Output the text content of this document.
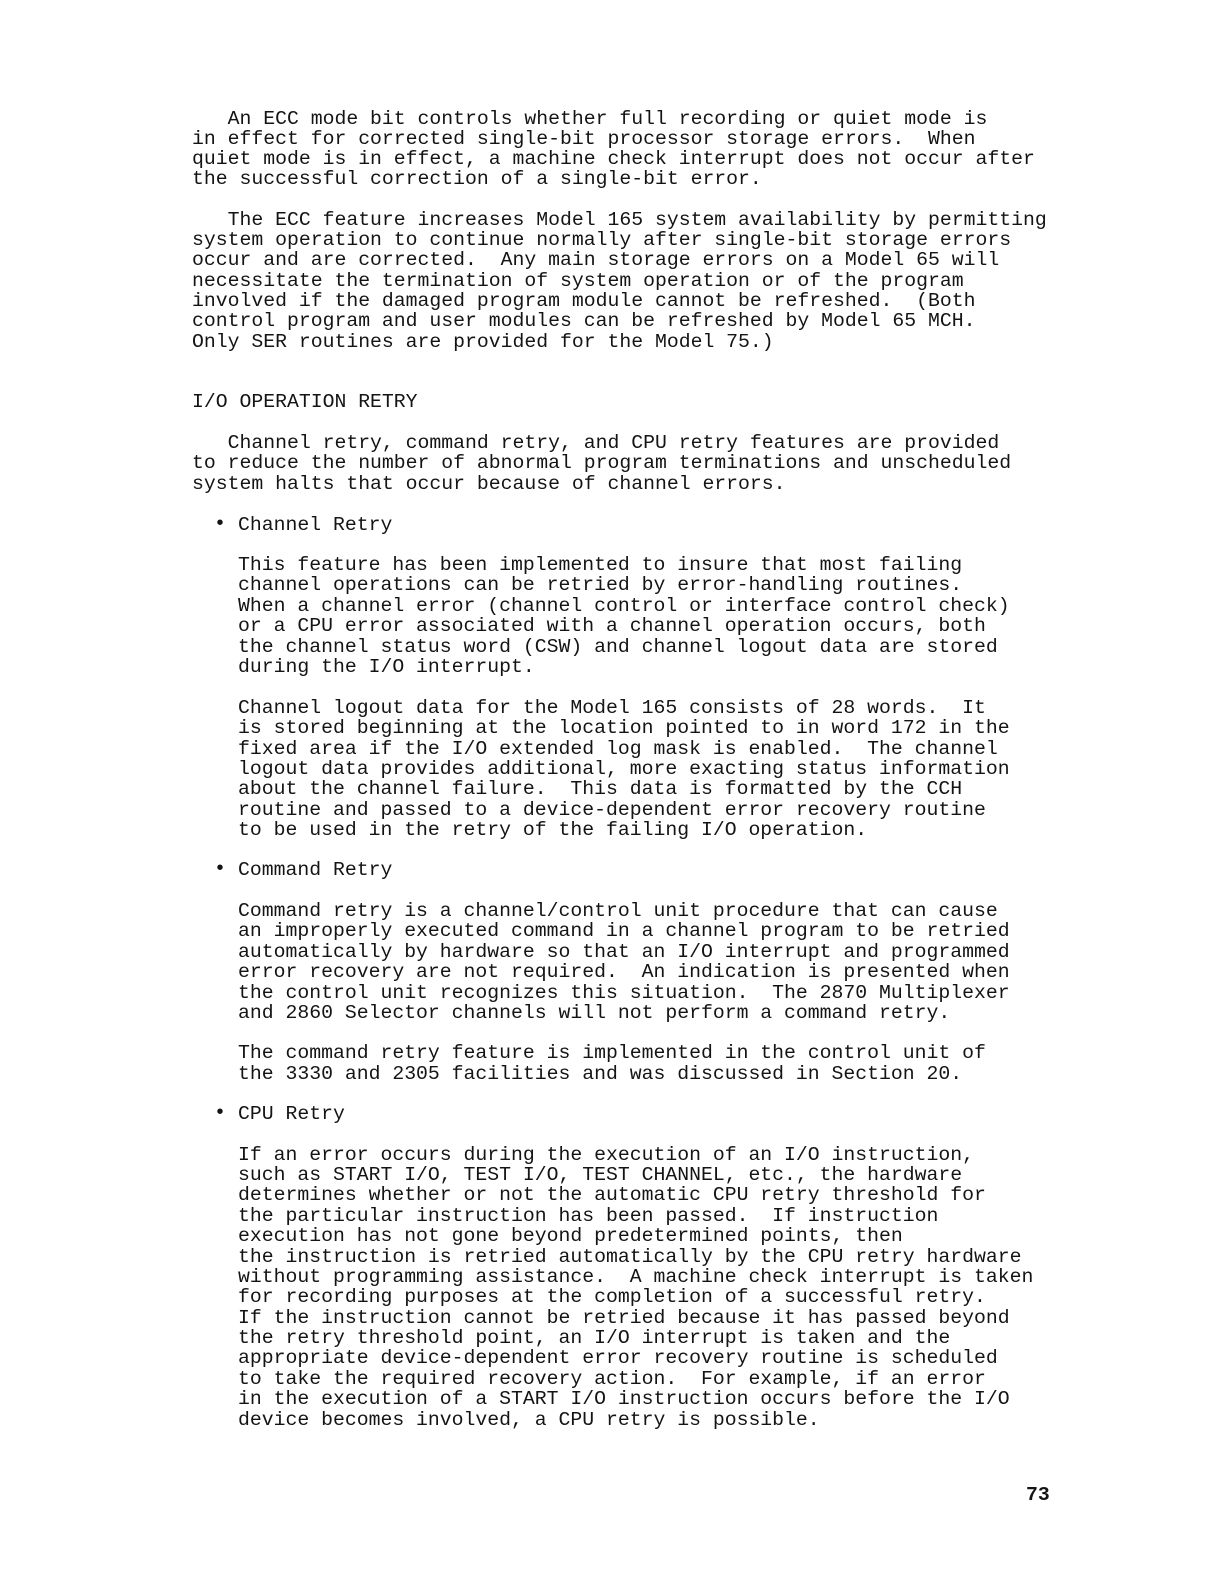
An ECC mode bit controls whether full recording or quiet mode is
in effect for corrected single-bit processor storage errors.  When
quiet mode is in effect, a machine check interrupt does not occur after
the successful correction of a single-bit error.
The ECC feature increases Model 165 system availability by permitting
system operation to continue normally after single-bit storage errors
occur and are corrected.  Any main storage errors on a Model 65 will
necessitate the termination of system operation or of the program
involved if the damaged program module cannot be refreshed.  (Both
control program and user modules can be refreshed by Model 65 MCH.
Only SER routines are provided for the Model 75.)
I/O OPERATION RETRY
Channel retry, command retry, and CPU retry features are provided
to reduce the number of abnormal program terminations and unscheduled
system halts that occur because of channel errors.
• Channel Retry
This feature has been implemented to insure that most failing
channel operations can be retried by error-handling routines.
When a channel error (channel control or interface control check)
or a CPU error associated with a channel operation occurs, both
the channel status word (CSW) and channel logout data are stored
during the I/O interrupt.
Channel logout data for the Model 165 consists of 28 words.  It
is stored beginning at the location pointed to in word 172 in the
fixed area if the I/O extended log mask is enabled.  The channel
logout data provides additional, more exacting status information
about the channel failure.  This data is formatted by the CCH
routine and passed to a device-dependent error recovery routine
to be used in the retry of the failing I/O operation.
• Command Retry
Command retry is a channel/control unit procedure that can cause
an improperly executed command in a channel program to be retried
automatically by hardware so that an I/O interrupt and programmed
error recovery are not required.  An indication is presented when
the control unit recognizes this situation.  The 2870 Multiplexer
and 2860 Selector channels will not perform a command retry.
The command retry feature is implemented in the control unit of
the 3330 and 2305 facilities and was discussed in Section 20.
• CPU Retry
If an error occurs during the execution of an I/O instruction,
such as START I/O, TEST I/O, TEST CHANNEL, etc., the hardware
determines whether or not the automatic CPU retry threshold for
the particular instruction has been passed.  If instruction
execution has not gone beyond predetermined points, then
the instruction is retried automatically by the CPU retry hardware
without programming assistance.  A machine check interrupt is taken
for recording purposes at the completion of a successful retry.
If the instruction cannot be retried because it has passed beyond
the retry threshold point, an I/O interrupt is taken and the
appropriate device-dependent error recovery routine is scheduled
to take the required recovery action.  For example, if an error
in the execution of a START I/O instruction occurs before the I/O
device becomes involved, a CPU retry is possible.
73
